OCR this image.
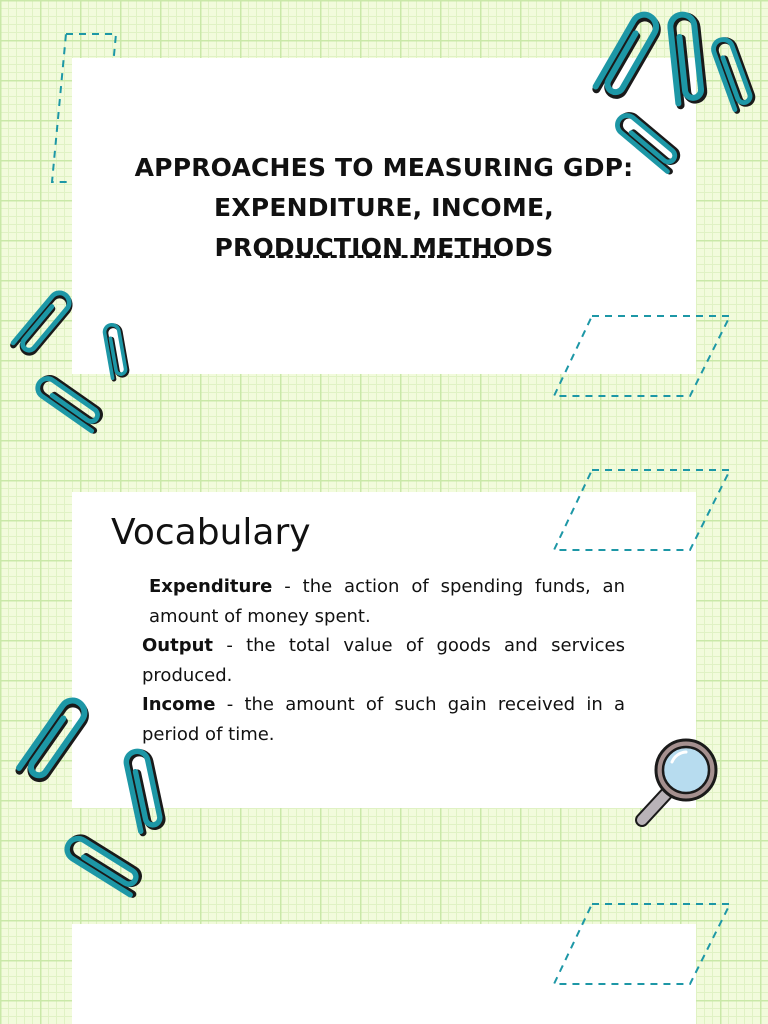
APPROACHES TO MEASURING GDP:
EXPENDITURE, INCOME,
PRODUCTION METHODS
Vocabulary

Expenditure - the action of spending funds, an amount of money spent.

Output - the total value of goods and services produced.

Income - the amount of such gain received in a period of time.
